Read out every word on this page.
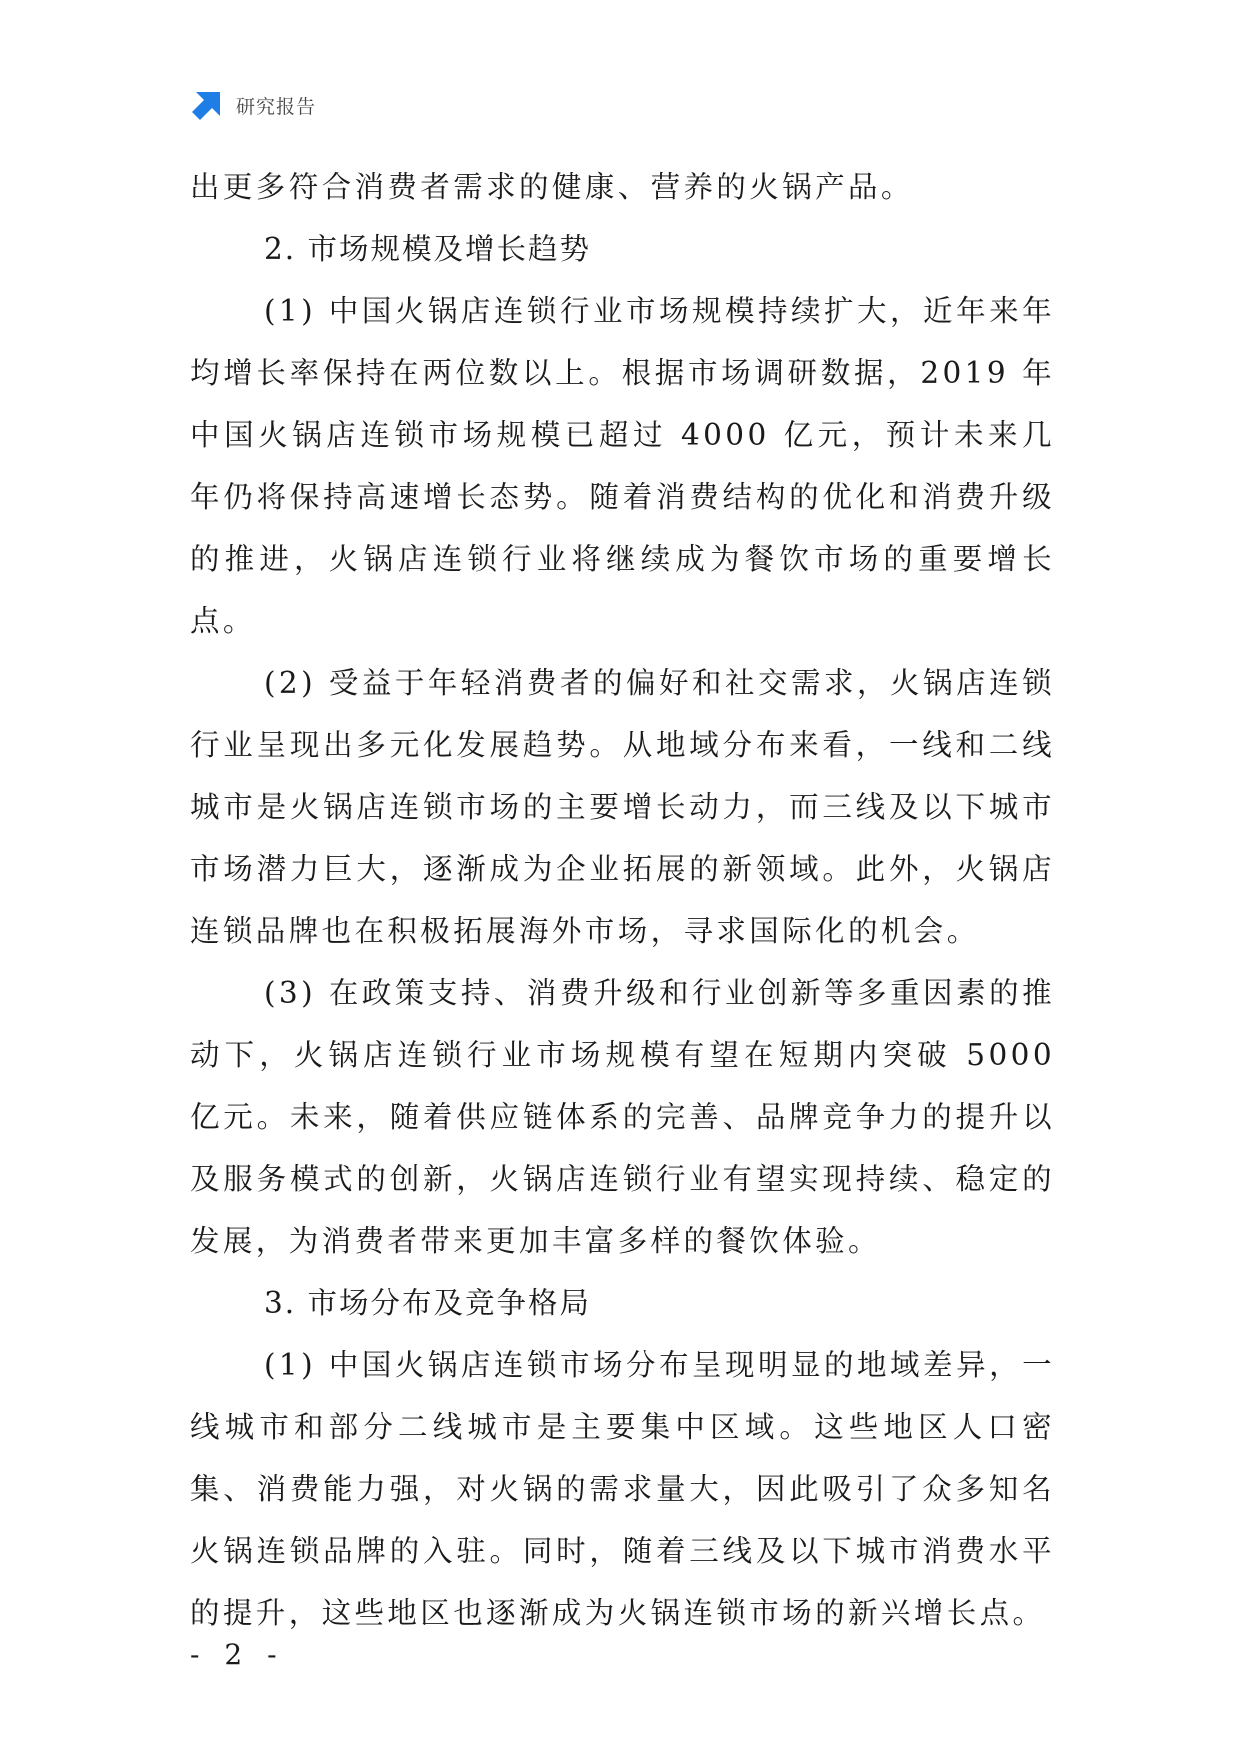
研究报告

出更多符合消费者需求的健康、营养的火锅产品。

2. 市场规模及增长趋势

(1) 中国火锅店连锁行业市场规模持续扩大，近年来年均增长率保持在两位数以上。根据市场调研数据，2019 年中国火锅店连锁市场规模已超过 4000 亿元，预计未来几年仍将保持高速增长态势。随着消费结构的优化和消费升级的推进，火锅店连锁行业将继续成为餐饮市场的重要增长点。

(2) 受益于年轻消费者的偏好和社交需求，火锅店连锁行业呈现出多元化发展趋势。从地域分布来看，一线和二线城市是火锅店连锁市场的主要增长动力，而三线及以下城市市场潜力巨大，逐渐成为企业拓展的新领域。此外，火锅店连锁品牌也在积极拓展海外市场，寻求国际化的机会。

(3) 在政策支持、消费升级和行业创新等多重因素的推动下，火锅店连锁行业市场规模有望在短期内突破 5000 亿元。未来，随着供应链体系的完善、品牌竞争力的提升以及服务模式的创新，火锅店连锁行业有望实现持续、稳定的发展，为消费者带来更加丰富多样的餐饮体验。

3. 市场分布及竞争格局

(1) 中国火锅店连锁市场分布呈现明显的地域差异，一线城市和部分二线城市是主要集中区域。这些地区人口密集、消费能力强，对火锅的需求量大，因此吸引了众多知名火锅连锁品牌的入驻。同时，随着三线及以下城市消费水平的提升，这些地区也逐渐成为火锅连锁市场的新兴增长点。

- 2 -
